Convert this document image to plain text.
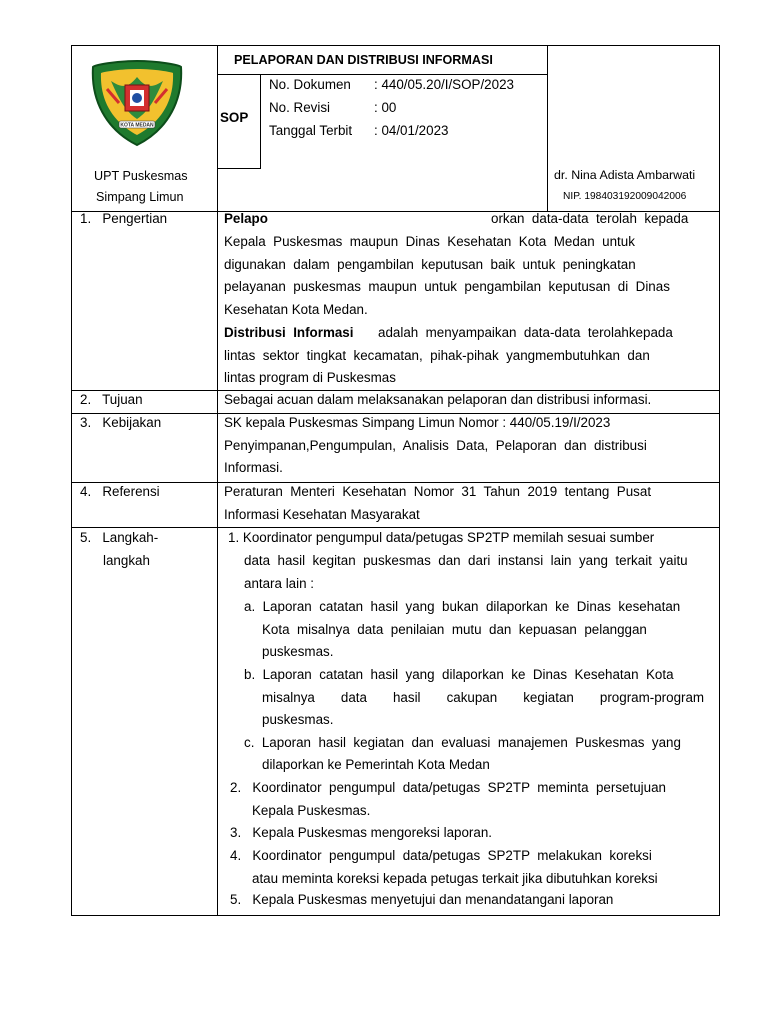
KOTA MEDAN
PELAPORAN DAN DISTRIBUSI INFORMASI
SOP
No. Dokumen : 440/05.20/I/SOP/2023
No. Revisi	: 00
Tanggal Terbit : 04/01/2023
UPT Puskesmas
Simpang Limun
dr. Nina Adista Ambarwati
NIP. 198403192009042006
1.   Pengertian
2.   Tujuan
3.   Kebijakan
4.   Referensi
5.   Langkah-
langkah
Pelapo	orkan  data-data  terolah  kepada
Kepala  Puskesmas  maupun  Dinas  Kesehatan  Kota  Medan  untuk
digunakan  dalam  pengambilan  keputusan  baik  untuk  peningkatan
pelayanan  puskesmas  maupun  untuk  pengambilan  keputusan  di  Dinas
Kesehatan Kota Medan.
Distribusi  Informasi adalah  menyampaikan  data-data  terolahkepada
lintas  sektor  tingkat  kecamatan,  pihak-pihak  yangmembutuhkan  dan
lintas program di Puskesmas
Sebagai acuan dalam melaksanakan pelaporan dan distribusi informasi.
SK kepala Puskesmas Simpang Limun Nomor : 440/05.19/I/2023
Penyimpanan,Pengumpulan,  Analisis  Data,  Pelaporan  dan  distribusi
Informasi.
Peraturan  Menteri  Kesehatan  Nomor  31  Tahun  2019  tentang  Pusat
Informasi Kesehatan Masyarakat
1. Koordinator pengumpul data/petugas SP2TP memilah sesuai sumber
data  hasil  kegitan  puskesmas  dan  dari  instansi  lain  yang  terkait  yaitu
antara lain :
a.  Laporan  catatan  hasil  yang  bukan  dilaporkan  ke  Dinas  kesehatan
Kota  misalnya  data  penilaian  mutu  dan  kepuasan  pelanggan
puskesmas.
b.  Laporan  catatan  hasil  yang  dilaporkan  ke  Dinas  Kesehatan  Kota
misalnya       data       hasil       cakupan       kegiatan       program-program
puskesmas.
c.  Laporan  hasil  kegiatan  dan  evaluasi  manajemen  Puskesmas  yang
dilaporkan ke Pemerintah Kota Medan
2.   Koordinator  pengumpul  data/petugas  SP2TP  meminta  persetujuan
Kepala Puskesmas.
3.   Kepala Puskesmas mengoreksi laporan.
4.   Koordinator  pengumpul  data/petugas  SP2TP  melakukan  koreksi
atau meminta koreksi kepada petugas terkait jika dibutuhkan koreksi
5.   Kepala Puskesmas menyetujui dan menandatangani laporan
